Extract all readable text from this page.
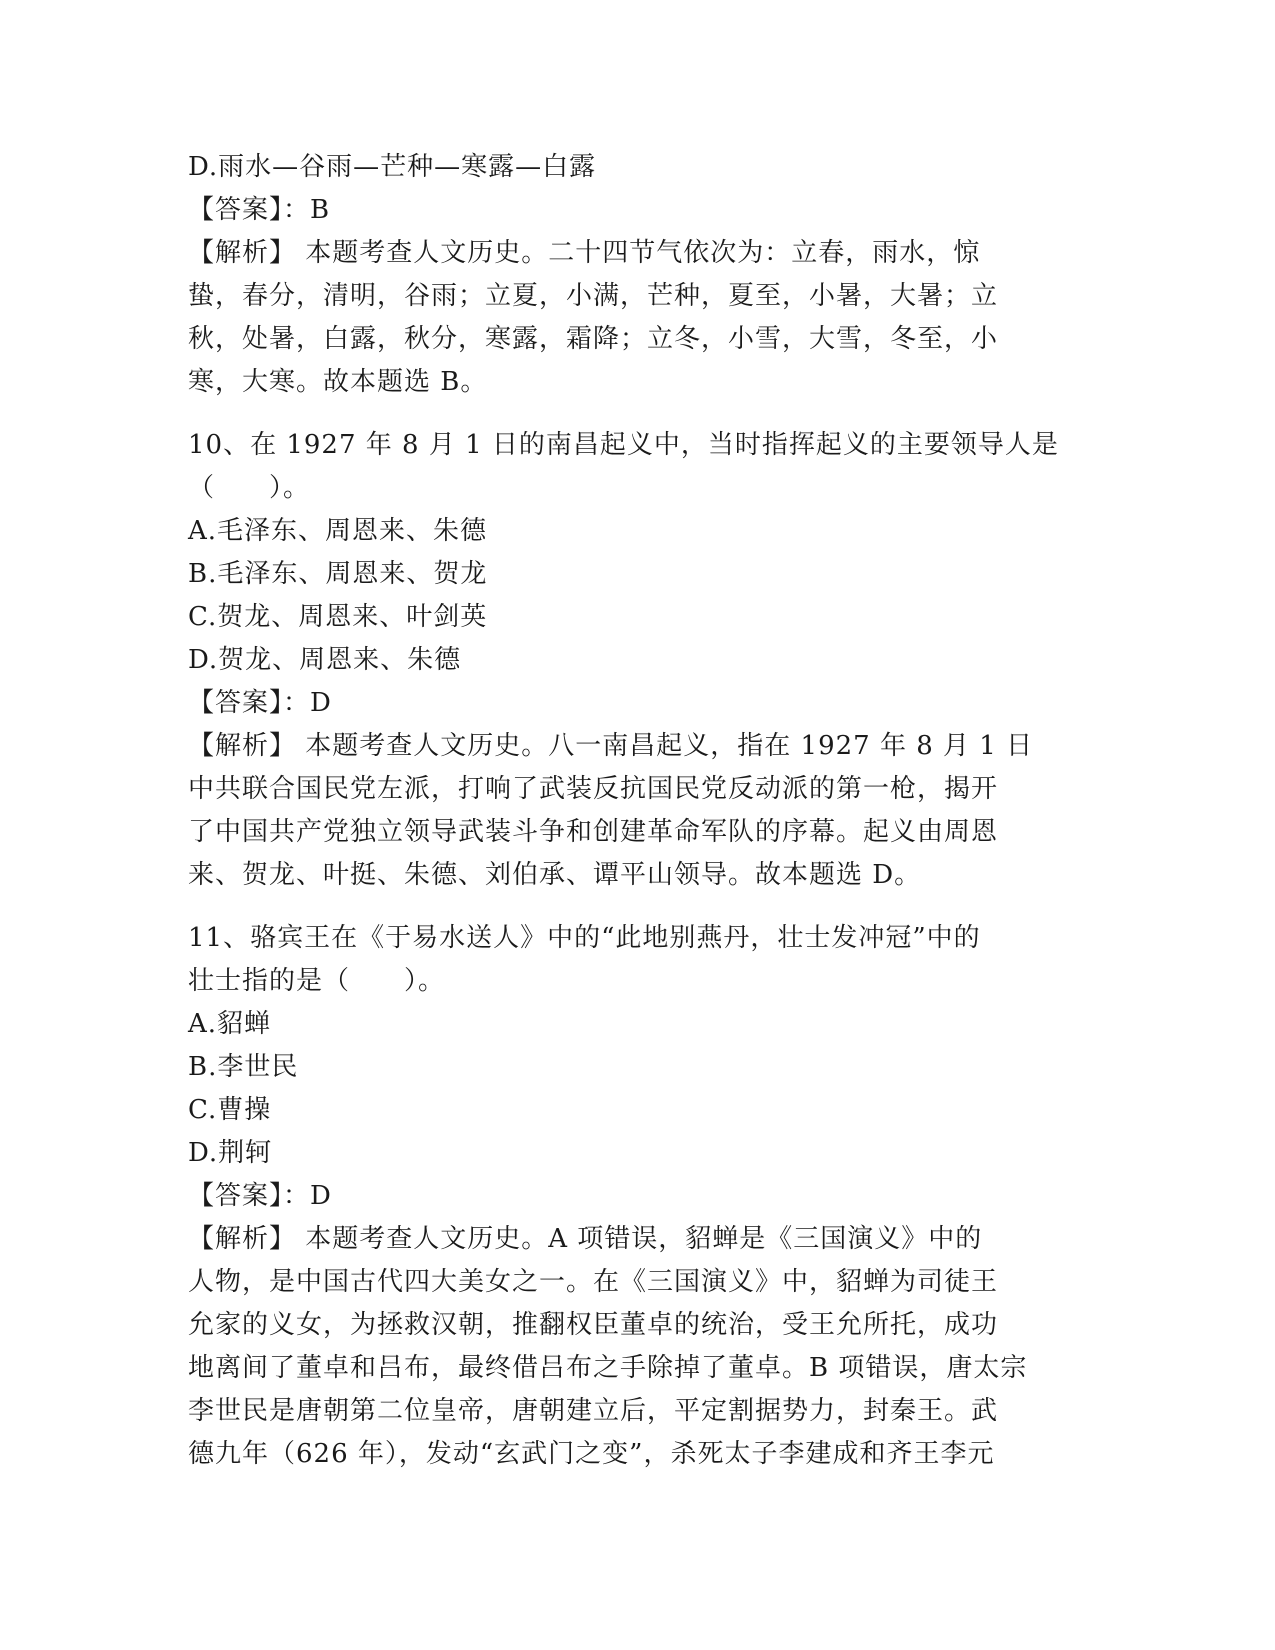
D.雨水—谷雨—芒种—寒露—白露
【答案】：B
【解析】 本题考查人文历史。二十四节气依次为：立春，雨水，惊
蛰，春分，清明，谷雨；立夏，小满，芒种，夏至，小暑，大暑；立
秋，处暑，白露，秋分，寒露，霜降；立冬，小雪，大雪，冬至，小
寒，大寒。故本题选 B。
10、在 1927 年 8 月 1 日的南昌起义中，当时指挥起义的主要领导人是
（　　）。
A.毛泽东、周恩来、朱德
B.毛泽东、周恩来、贺龙
C.贺龙、周恩来、叶剑英
D.贺龙、周恩来、朱德
【答案】：D
【解析】 本题考查人文历史。八一南昌起义，指在 1927 年 8 月 1 日
中共联合国民党左派，打响了武装反抗国民党反动派的第一枪，揭开
了中国共产党独立领导武装斗争和创建革命军队的序幕。起义由周恩
来、贺龙、叶挺、朱德、刘伯承、谭平山领导。故本题选 D。
11、骆宾王在《于易水送人》中的“此地别燕丹，壮士发冲冠”中的
壮士指的是（　　）。
A.貂蝉
B.李世民
C.曹操
D.荆轲
【答案】：D
【解析】 本题考查人文历史。A 项错误，貂蝉是《三国演义》中的
人物，是中国古代四大美女之一。在《三国演义》中，貂蝉为司徒王
允家的义女，为拯救汉朝，推翻权臣董卓的统治，受王允所托，成功
地离间了董卓和吕布，最终借吕布之手除掉了董卓。B 项错误，唐太宗
李世民是唐朝第二位皇帝，唐朝建立后，平定割据势力，封秦王。武
德九年（626 年），发动“玄武门之变”，杀死太子李建成和齐王李元
